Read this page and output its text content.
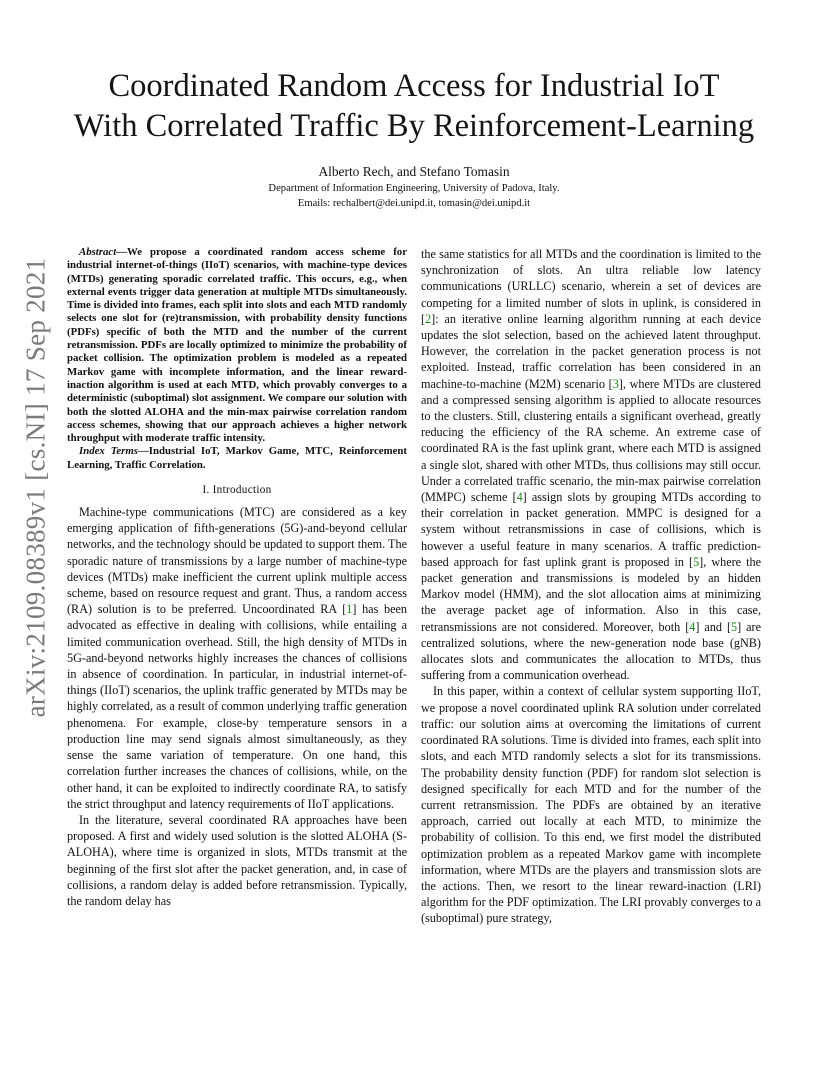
arXiv:2109.08389v1 [cs.NI] 17 Sep 2021
Coordinated Random Access for Industrial IoT
With Correlated Traffic By Reinforcement-Learning
Alberto Rech, and Stefano Tomasin
Department of Information Engineering, University of Padova, Italy.
Emails: rechalbert@dei.unipd.it, tomasin@dei.unipd.it

Abstract—We propose a coordinated random access scheme for industrial internet-of-things (IIoT) scenarios, with machine-type devices (MTDs) generating sporadic correlated traffic. This occurs, e.g., when external events trigger data generation at multiple MTDs simultaneously. Time is divided into frames, each split into slots and each MTD randomly selects one slot for (re)transmission, with probability density functions (PDFs) specific of both the MTD and the number of the current retransmission. PDFs are locally optimized to minimize the probability of packet collision. The optimization problem is modeled as a repeated Markov game with incomplete information, and the linear reward-inaction algorithm is used at each MTD, which provably converges to a deterministic (suboptimal) slot assignment. We compare our solution with both the slotted ALOHA and the min-max pairwise correlation random access schemes, showing that our approach achieves a higher network throughput with moderate traffic intensity.

Index Terms—Industrial IoT, Markov Game, MTC, Reinforcement Learning, Traffic Correlation.

I. Introduction

Machine-type communications (MTC) are considered as a key emerging application of fifth-generations (5G)-and-beyond cellular networks, and the technology should be updated to support them. The sporadic nature of transmissions by a large number of machine-type devices (MTDs) make inefficient the current uplink multiple access scheme, based on resource request and grant. Thus, a random access (RA) solution is to be preferred. Uncoordinated RA [ 1 ] has been advocated as effective in dealing with collisions, while entailing a limited communication overhead. Still, the high density of MTDs in 5G-and-beyond networks highly increases the chances of collisions in absence of coordination. In particular, in industrial internet-of-things (IIoT) scenarios, the uplink traffic generated by MTDs may be highly correlated, as a result of common underlying traffic generation phenomena. For example, close-by temperature sensors in a production line may send signals almost simultaneously, as they sense the same variation of temperature. On one hand, this correlation further increases the chances of collisions, while, on the other hand, it can be exploited to indirectly coordinate RA, to satisfy the strict throughput and latency requirements of IIoT applications.

In the literature, several coordinated RA approaches have been proposed. A first and widely used solution is the slotted ALOHA (S-ALOHA), where time is organized in slots, MTDs transmit at the beginning of the first slot after the packet generation, and, in case of collisions, a random delay is added before retransmission. Typically, the random delay has

the same statistics for all MTDs and the coordination is limited to the synchronization of slots. An ultra reliable low latency communications (URLLC) scenario, wherein a set of devices are competing for a limited number of slots in uplink, is considered in [ 2 ] : an iterative online learning algorithm running at each device updates the slot selection, based on the achieved latent throughput. However, the correlation in the packet generation process is not exploited. Instead, traffic correlation has been considered in an machine-to-machine (M2M) scenario [ 3 ] , where MTDs are clustered and a compressed sensing algorithm is applied to allocate resources to the clusters. Still, clustering entails a significant overhead, greatly reducing the efficiency of the RA scheme. An extreme case of coordinated RA is the fast uplink grant, where each MTD is assigned a single slot, shared with other MTDs, thus collisions may still occur. Under a correlated traffic scenario, the min-max pairwise correlation (MMPC) scheme [ 4 ] assign slots by grouping MTDs according to their correlation in packet generation. MMPC is designed for a system without retransmissions in case of collisions, which is however a useful feature in many scenarios. A traffic prediction-based approach for fast uplink grant is proposed in [ 5 ] , where the packet generation and transmissions is modeled by an hidden Markov model (HMM), and the slot allocation aims at minimizing the average packet age of information. Also in this case, retransmissions are not considered. Moreover, both [ 4 ] and [ 5 ] are centralized solutions, where the new-generation node base (gNB) allocates slots and communicates the allocation to MTDs, thus suffering from a communication overhead.

In this paper, within a context of cellular system supporting IIoT, we propose a novel coordinated uplink RA solution under correlated traffic: our solution aims at overcoming the limitations of current coordinated RA solutions. Time is divided into frames, each split into slots, and each MTD randomly selects a slot for its transmissions. The probability density function (PDF) for random slot selection is designed specifically for each MTD and for the number of the current retransmission. The PDFs are obtained by an iterative approach, carried out locally at each MTD, to minimize the probability of collision. To this end, we first model the distributed optimization problem as a repeated Markov game with incomplete information, where MTDs are the players and transmission slots are the actions. Then, we resort to the linear reward-inaction (LRI) algorithm for the PDF optimization. The LRI provably converges to a (suboptimal) pure strategy,
